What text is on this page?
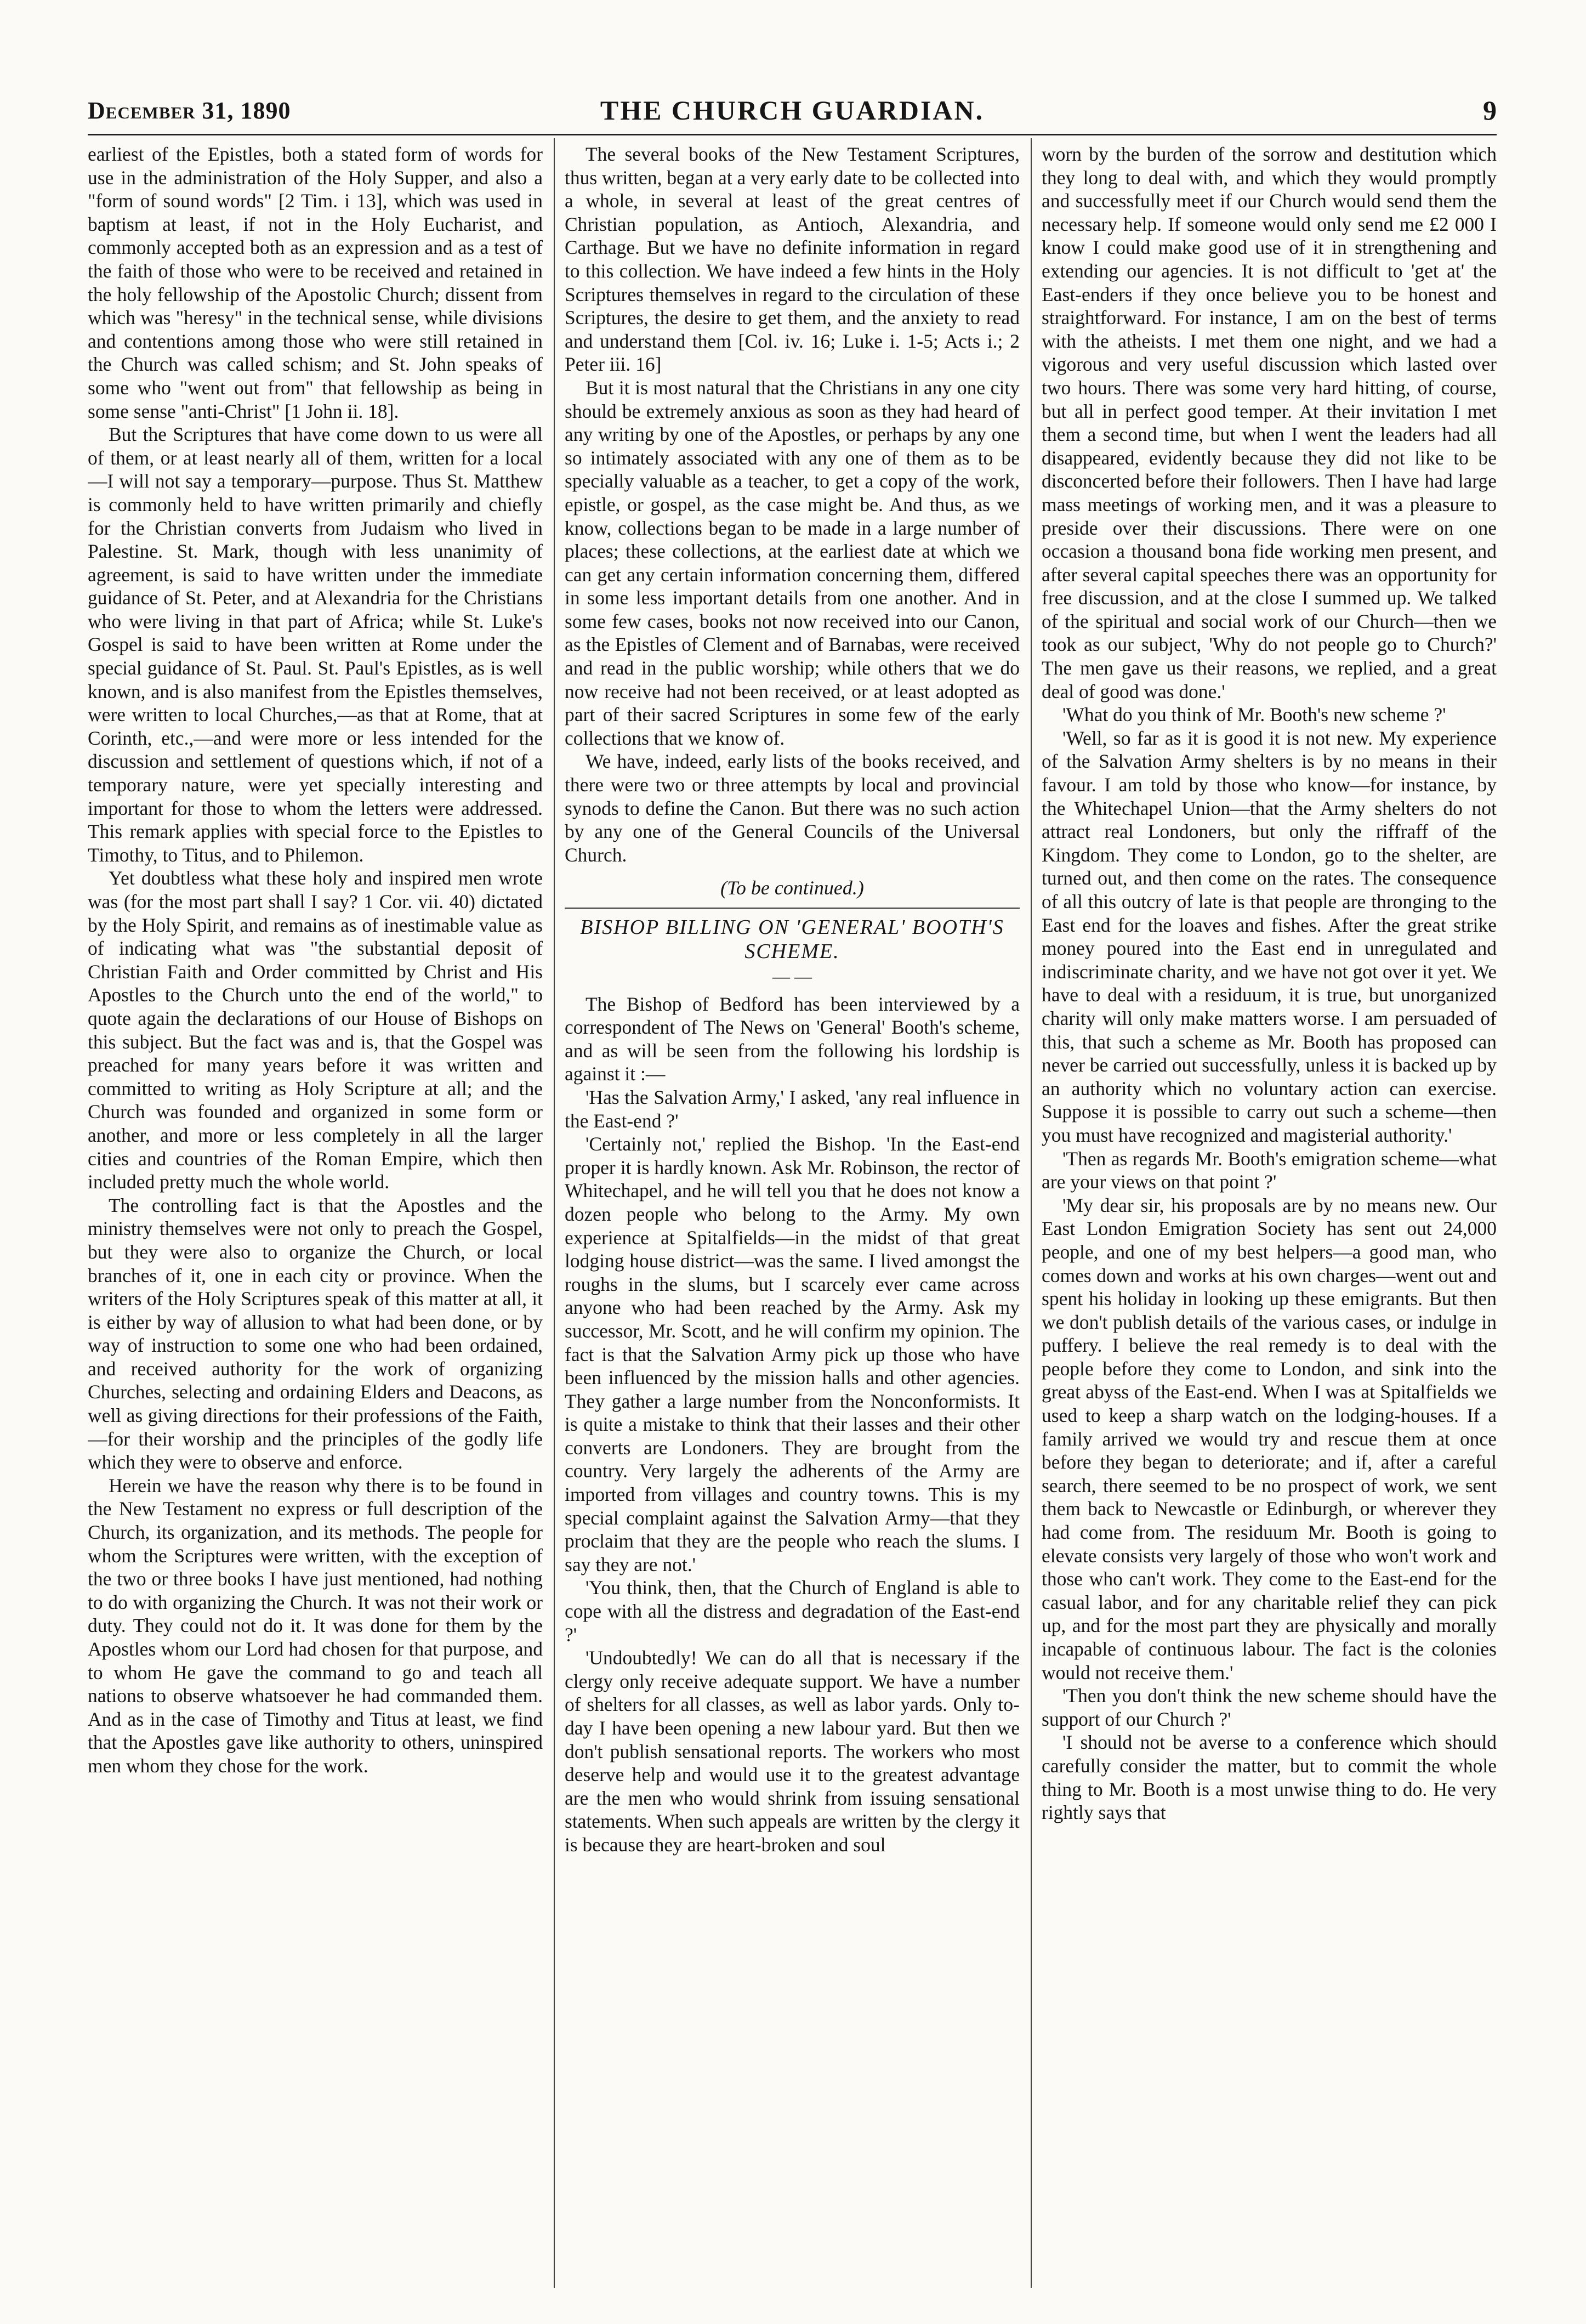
December 31, 1890	THE CHURCH GUARDIAN.	9

earliest of the Epistles, both a stated form of words for use in the administration of the Holy Supper, and also a "form of sound words" [2 Tim. i 13], which was used in baptism at least, if not in the Holy Eucharist, and commonly accepted both as an expression and as a test of the faith of those who were to be received and retained in the holy fellowship of the Apostolic Church; dissent from which was "heresy" in the technical sense, while divisions and contentions among those who were still retained in the Church was called schism; and St. John speaks of some who "went out from" that fellowship as being in some sense "anti-Christ" [1 John ii. 18].

But the Scriptures that have come down to us were all of them, or at least nearly all of them, written for a local—I will not say a temporary—purpose. Thus St. Matthew is commonly held to have written primarily and chiefly for the Christian converts from Judaism who lived in Palestine. St. Mark, though with less unanimity of agreement, is said to have written under the immediate guidance of St. Peter, and at Alexandria for the Christians who were living in that part of Africa; while St. Luke's Gospel is said to have been written at Rome under the special guidance of St. Paul. St. Paul's Epistles, as is well known, and is also manifest from the Epistles themselves, were written to local Churches,—as that at Rome, that at Corinth, etc.,—and were more or less intended for the discussion and settlement of questions which, if not of a temporary nature, were yet specially interesting and important for those to whom the letters were addressed. This remark applies with special force to the Epistles to Timothy, to Titus, and to Philemon.

Yet doubtless what these holy and inspired men wrote was (for the most part shall I say? 1 Cor. vii. 40) dictated by the Holy Spirit, and remains as of inestimable value as of indicating what was "the substantial deposit of Christian Faith and Order committed by Christ and His Apostles to the Church unto the end of the world," to quote again the declarations of our House of Bishops on this subject. But the fact was and is, that the Gospel was preached for many years before it was written and committed to writing as Holy Scripture at all; and the Church was founded and organized in some form or another, and more or less completely in all the larger cities and countries of the Roman Empire, which then included pretty much the whole world.

The controlling fact is that the Apostles and the ministry themselves were not only to preach the Gospel, but they were also to organize the Church, or local branches of it, one in each city or province. When the writers of the Holy Scriptures speak of this matter at all, it is either by way of allusion to what had been done, or by way of instruction to some one who had been ordained, and received authority for the work of organizing Churches, selecting and ordaining Elders and Deacons, as well as giving directions for their professions of the Faith,—for their worship and the principles of the godly life which they were to observe and enforce.

Herein we have the reason why there is to be found in the New Testament no express or full description of the Church, its organization, and its methods. The people for whom the Scriptures were written, with the exception of the two or three books I have just mentioned, had nothing to do with organizing the Church. It was not their work or duty. They could not do it. It was done for them by the Apostles whom our Lord had chosen for that purpose, and to whom He gave the command to go and teach all nations to observe whatsoever he had commanded them. And as in the case of Timothy and Titus at least, we find that the Apostles gave like authority to others, uninspired men whom they chose for the work.

The several books of the New Testament Scriptures, thus written, began at a very early date to be collected into a whole, in several at least of the great centres of Christian population, as Antioch, Alexandria, and Carthage. But we have no definite information in regard to this collection. We have indeed a few hints in the Holy Scriptures themselves in regard to the circulation of these Scriptures, the desire to get them, and the anxiety to read and understand them [Col. iv. 16; Luke i. 1-5; Acts i.; 2 Peter iii. 16]

But it is most natural that the Christians in any one city should be extremely anxious as soon as they had heard of any writing by one of the Apostles, or perhaps by any one so intimately associated with any one of them as to be specially valuable as a teacher, to get a copy of the work, epistle, or gospel, as the case might be. And thus, as we know, collections began to be made in a large number of places; these collections, at the earliest date at which we can get any certain information concerning them, differed in some less important details from one another. And in some few cases, books not now received into our Canon, as the Epistles of Clement and of Barnabas, were received and read in the public worship; while others that we do now receive had not been received, or at least adopted as part of their sacred Scriptures in some few of the early collections that we know of.

We have, indeed, early lists of the books received, and there were two or three attempts by local and provincial synods to define the Canon. But there was no such action by any one of the General Councils of the Universal Church.

(To be continued.)
BISHOP BILLING ON 'GENERAL' BOOTH'S SCHEME.
— —

The Bishop of Bedford has been interviewed by a correspondent of The News on 'General' Booth's scheme, and as will be seen from the following his lordship is against it :—

'Has the Salvation Army,' I asked, 'any real influence in the East-end ?'

'Certainly not,' replied the Bishop. 'In the East-end proper it is hardly known. Ask Mr. Robinson, the rector of Whitechapel, and he will tell you that he does not know a dozen people who belong to the Army. My own experience at Spitalfields—in the midst of that great lodging house district—was the same. I lived amongst the roughs in the slums, but I scarcely ever came across anyone who had been reached by the Army. Ask my successor, Mr. Scott, and he will confirm my opinion. The fact is that the Salvation Army pick up those who have been influenced by the mission halls and other agencies. They gather a large number from the Nonconformists. It is quite a mistake to think that their lasses and their other converts are Londoners. They are brought from the country. Very largely the adherents of the Army are imported from villages and country towns. This is my special complaint against the Salvation Army—that they proclaim that they are the people who reach the slums. I say they are not.'

'You think, then, that the Church of England is able to cope with all the distress and degradation of the East-end ?'

'Undoubtedly! We can do all that is necessary if the clergy only receive adequate support. We have a number of shelters for all classes, as well as labor yards. Only to-day I have been opening a new labour yard. But then we don't publish sensational reports. The workers who most deserve help and would use it to the greatest advantage are the men who would shrink from issuing sensational statements. When such appeals are written by the clergy it is because they are heart-broken and soul

worn by the burden of the sorrow and destitution which they long to deal with, and which they would promptly and successfully meet if our Church would send them the necessary help. If someone would only send me £2 000 I know I could make good use of it in strengthening and extending our agencies. It is not difficult to 'get at' the East-enders if they once believe you to be honest and straightforward. For instance, I am on the best of terms with the atheists. I met them one night, and we had a vigorous and very useful discussion which lasted over two hours. There was some very hard hitting, of course, but all in perfect good temper. At their invitation I met them a second time, but when I went the leaders had all disappeared, evidently because they did not like to be disconcerted before their followers. Then I have had large mass meetings of working men, and it was a pleasure to preside over their discussions. There were on one occasion a thousand bona fide working men present, and after several capital speeches there was an opportunity for free discussion, and at the close I summed up. We talked of the spiritual and social work of our Church—then we took as our subject, 'Why do not people go to Church?' The men gave us their reasons, we replied, and a great deal of good was done.'

'What do you think of Mr. Booth's new scheme ?'

'Well, so far as it is good it is not new. My experience of the Salvation Army shelters is by no means in their favour. I am told by those who know—for instance, by the Whitechapel Union—that the Army shelters do not attract real Londoners, but only the riffraff of the Kingdom. They come to London, go to the shelter, are turned out, and then come on the rates. The consequence of all this outcry of late is that people are thronging to the East end for the loaves and fishes. After the great strike money poured into the East end in unregulated and indiscriminate charity, and we have not got over it yet. We have to deal with a residuum, it is true, but unorganized charity will only make matters worse. I am persuaded of this, that such a scheme as Mr. Booth has proposed can never be carried out successfully, unless it is backed up by an authority which no voluntary action can exercise. Suppose it is possible to carry out such a scheme—then you must have recognized and magisterial authority.'

'Then as regards Mr. Booth's emigration scheme—what are your views on that point ?'

'My dear sir, his proposals are by no means new. Our East London Emigration Society has sent out 24,000 people, and one of my best helpers—a good man, who comes down and works at his own charges—went out and spent his holiday in looking up these emigrants. But then we don't publish details of the various cases, or indulge in puffery. I believe the real remedy is to deal with the people before they come to London, and sink into the great abyss of the East-end. When I was at Spitalfields we used to keep a sharp watch on the lodging-houses. If a family arrived we would try and rescue them at once before they began to deteriorate; and if, after a careful search, there seemed to be no prospect of work, we sent them back to Newcastle or Edinburgh, or wherever they had come from. The residuum Mr. Booth is going to elevate consists very largely of those who won't work and those who can't work. They come to the East-end for the casual labor, and for any charitable relief they can pick up, and for the most part they are physically and morally incapable of continuous labour. The fact is the colonies would not receive them.'

'Then you don't think the new scheme should have the support of our Church ?'

'I should not be averse to a conference which should carefully consider the matter, but to commit the whole thing to Mr. Booth is a most unwise thing to do. He very rightly says that
